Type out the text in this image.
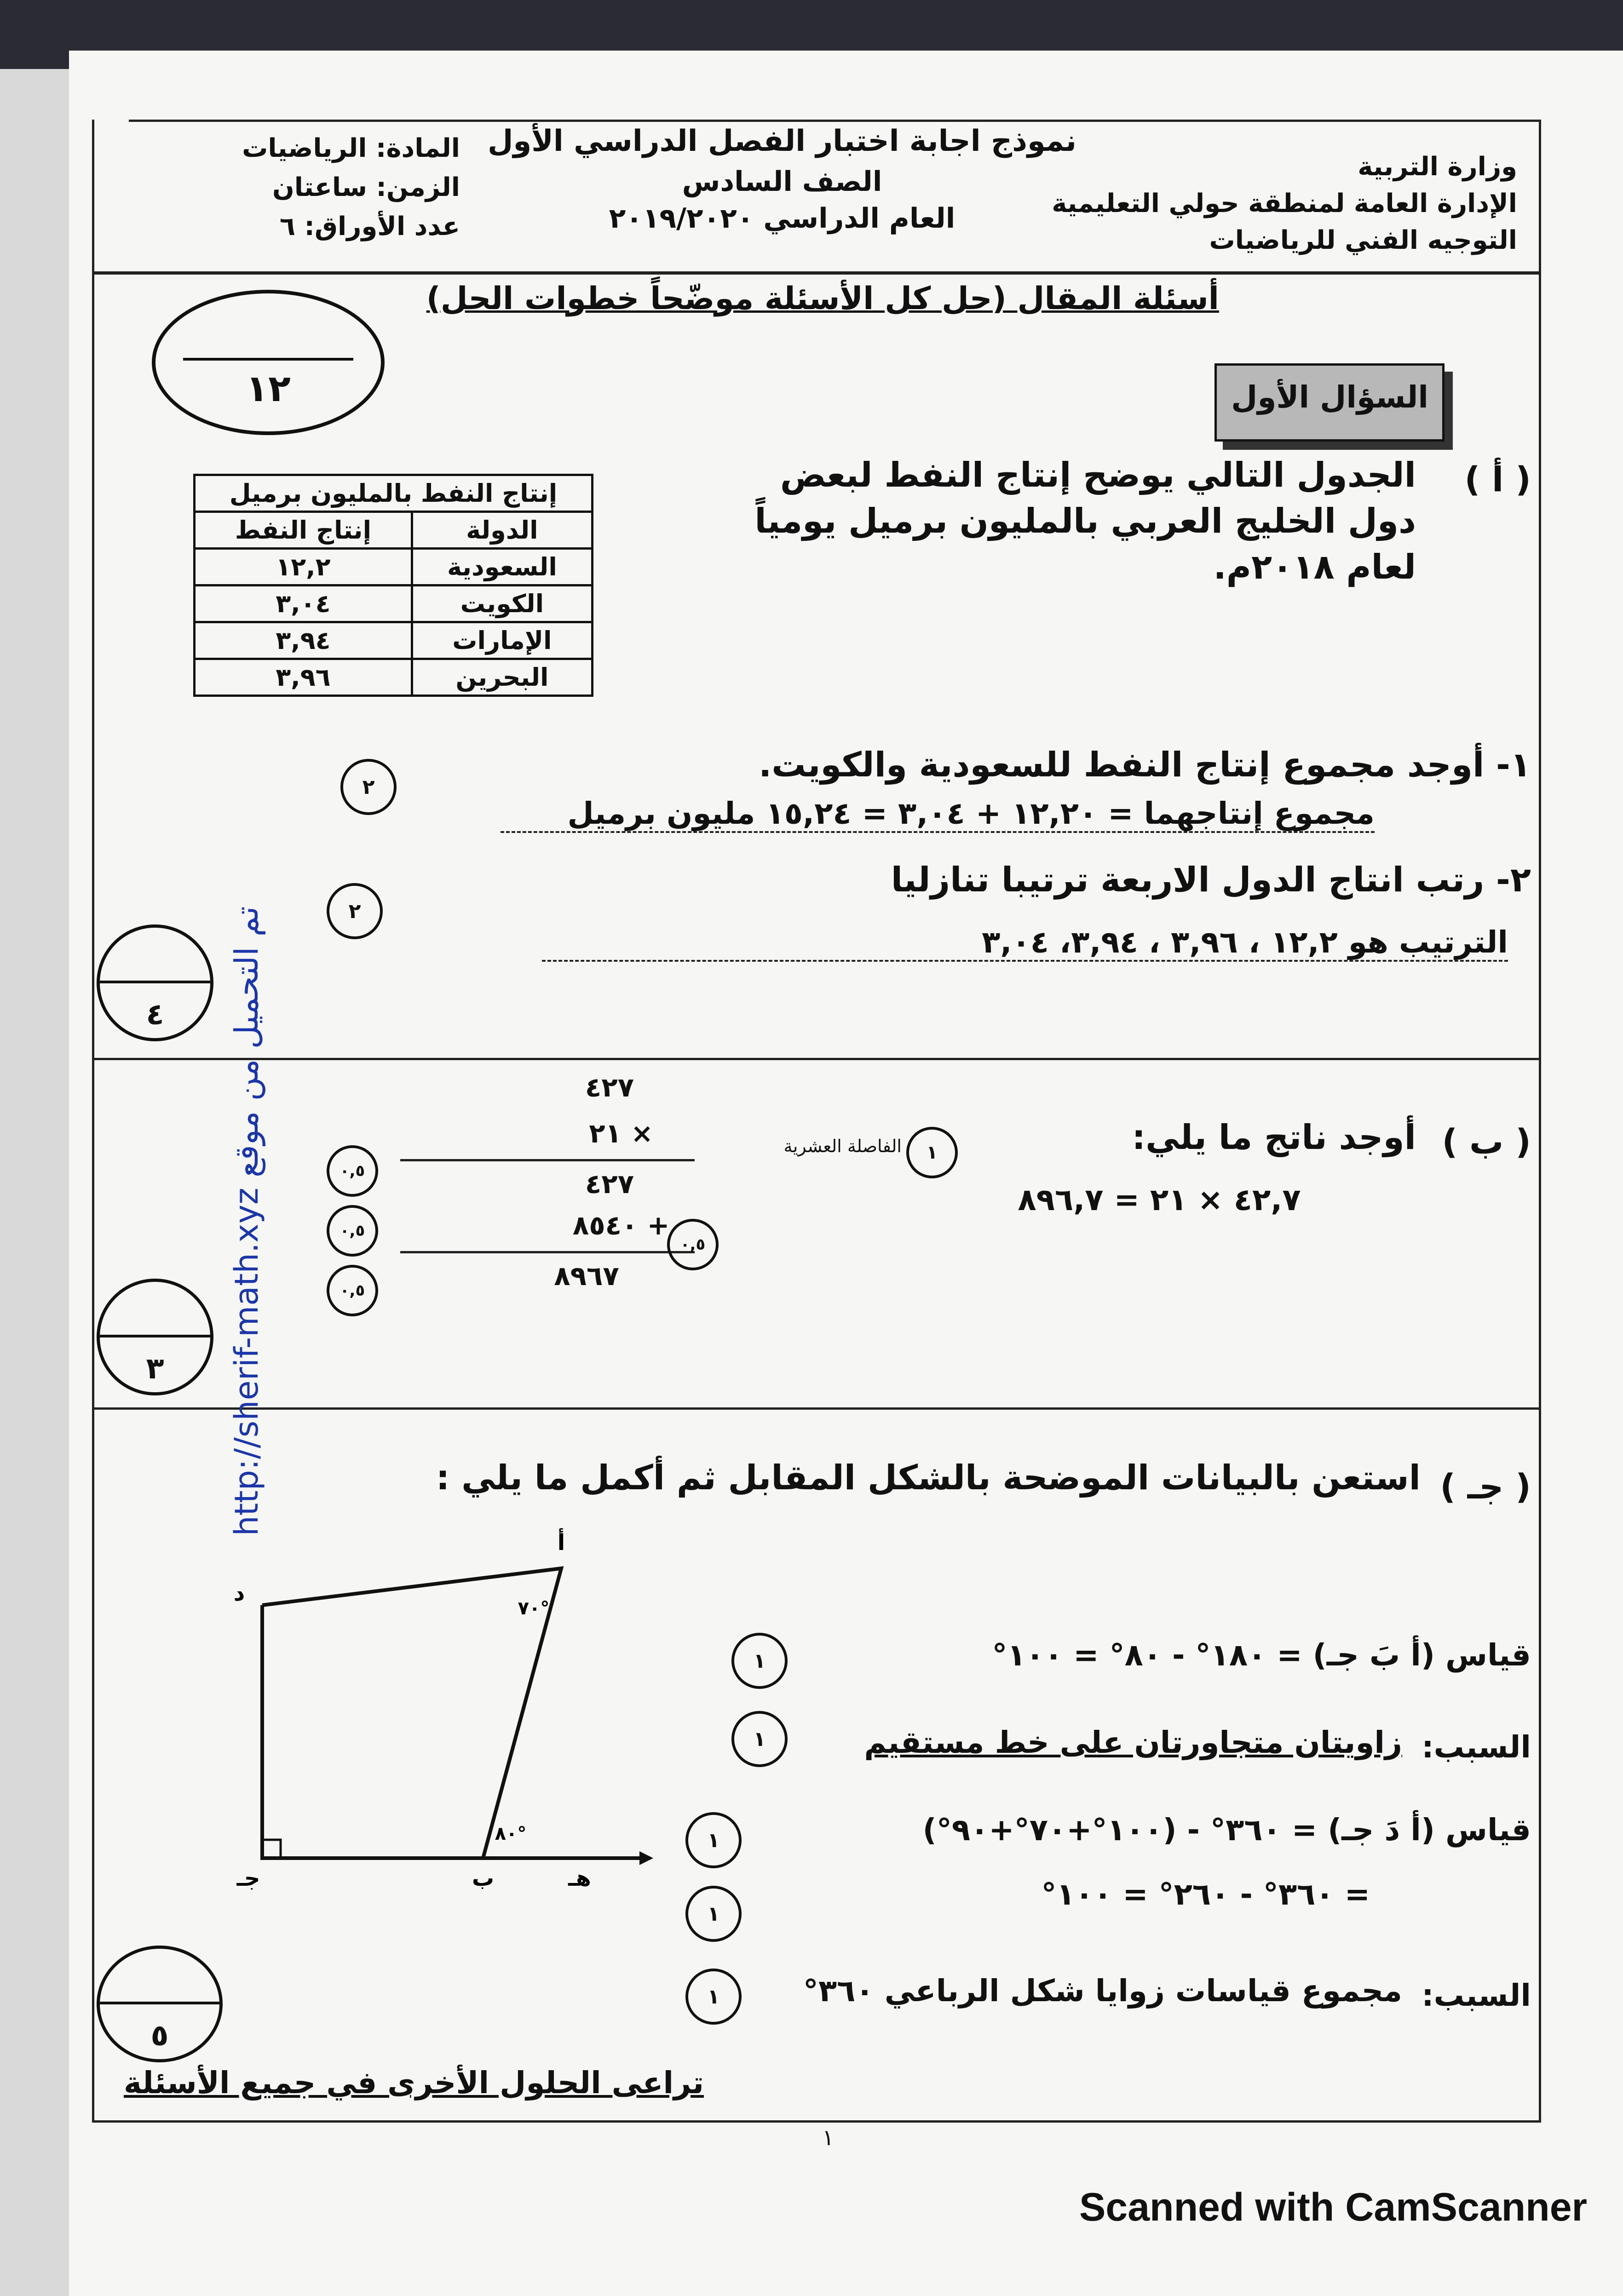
وزارة التربية
الإدارة العامة لمنطقة حولي التعليمية
التوجيه الفني للرياضيات
نموذج اجابة اختبار الفصل الدراسي الأول
الصف السادس
العام الدراسي ٢٠١٩/٢٠٢٠
المادة: الرياضيات
الزمن: ساعتان
عدد الأوراق: ٦
أسئلة المقال (حل كل الأسئلة موضّحاً خطوات الحل)
١٢	السؤال الأول
( أ )
الجدول التالي يوضح إنتاج النفط لبعض
دول الخليج العربي بالمليون برميل يومياً
لعام ٢٠١٨م.
إنتاج النفط بالمليون برميل	
الدولة	إنتاج النفط
السعودية	١٢,٢
الكويت	٣,٠٤
الإمارات	٣,٩٤
البحرين	٣,٩٦
١- أوجد مجموع إنتاج النفط للسعودية والكويت.
مجموع إنتاجهما = ١٢,٢٠ + ٣,٠٤ = ١٥,٢٤ مليون برميل
٢
٢- رتب انتاج الدول الاربعة ترتيبا تنازليا
الترتيب هو ١٢,٢ ، ٣,٩٦ ، ٣,٩٤، ٣,٠٤
٢
٤
( ب )
أوجد ناتج ما يلي:
٤٢,٧ × ٢١ = ٨٩٦,٧
الفاصلة العشرية	١
٤٢٧
٢١ ×
٤٢٧
٨٥٤٠ +
٨٩٦٧
٠,٥
٠,٥
٠,٥
٠,٥
٣
( جـ )
استعن بالبيانات الموضحة بالشكل المقابل ثم أكمل ما يلي :
قياس (أ بَ جـ) = ١٨٠° - ٨٠° = ١٠٠°
١
السبب:
زاويتان متجاورتان على خط مستقيم
١
قياس (أ دَ جـ) = ٣٦٠° - (١٠٠°+٧٠°+٩٠°)
١
= ٣٦٠° - ٢٦٠° = ١٠٠°
١
السبب:
مجموع قياسات زوايا شكل الرباعي ٣٦٠°
١
أ
د
جـ	ب	هـ
٧٠°
٨٠°
٥
تراعى الحلول الأخرى في جميع الأسئلة
١
Scanned with CamScanner
http://sherif-math.xyz تم التحميل من موقع
